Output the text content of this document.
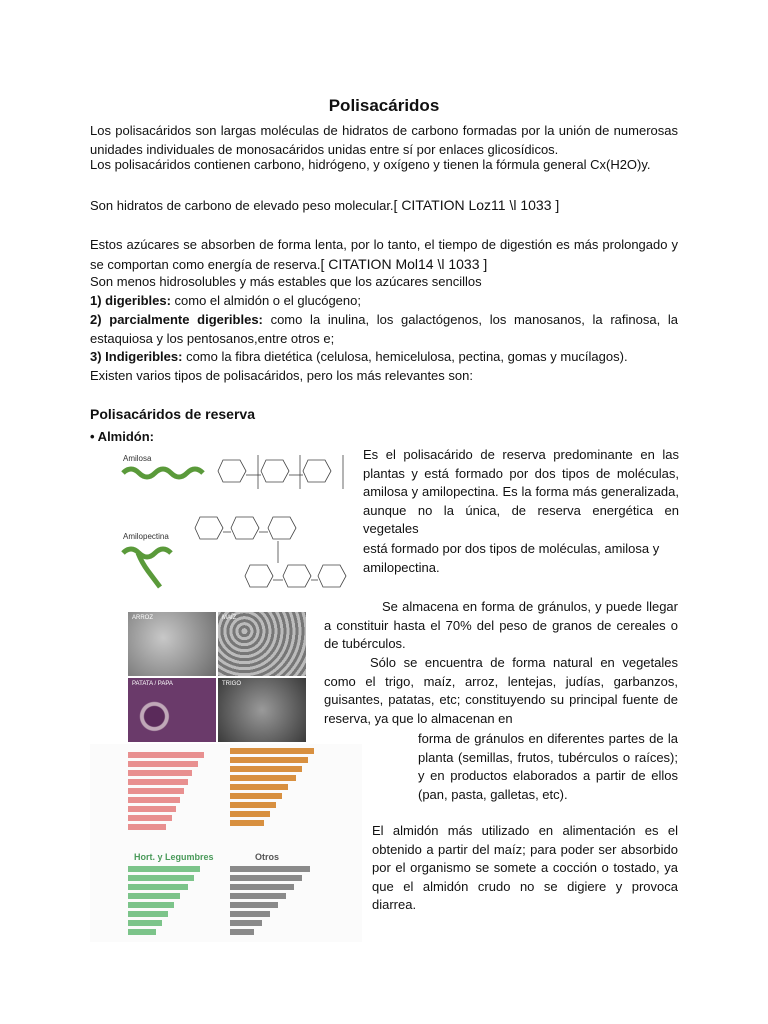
Polisacáridos
Los polisacáridos son largas moléculas de hidratos de carbono formadas por la unión de numerosas unidades individuales de monosacáridos unidas entre sí por enlaces glicosídicos.
Los polisacáridos contienen carbono, hidrógeno, y oxígeno y tienen la fórmula general Cx(H2O)y.
Son hidratos de carbono de elevado peso molecular.[ CITATION Loz11 \l 1033 ]
Estos azúcares se absorben de forma lenta, por lo tanto, el tiempo de digestión es más prolongado y se comportan como energía de reserva.[ CITATION Mol14 \l 1033 ]
Son menos hidrosolubles y más estables que los azúcares sencillos
1) digeribles: como el almidón o el glucógeno;
2) parcialmente digeribles: como la inulina, los galactógenos, los manosanos, la rafinosa, la estaquiosa y los pentosanos,entre otros e;
3) Indigeribles: como la fibra dietética (celulosa, hemicelulosa, pectina, gomas y mucílagos).
Existen varios tipos de polisacáridos, pero los más relevantes son:
Polisacáridos de reserva
• Almidón:
Amilosa
Amilopectina
ARROZ	MAÍZ
PATATA / PAPA	TRIGO
Hort. y Legumbres	Otros
Es el polisacárido de reserva predominante en las plantas y está formado por dos tipos de moléculas, amilosa y amilopectina. Es la forma más generalizada, aunque no la única, de reserva energética en vegetales
está formado por dos tipos de moléculas, amilosa y amilopectina.
Se almacena en forma de gránulos, y puede llegar a constituir hasta el 70% del peso de granos de cereales o de tubérculos.
Sólo se encuentra de forma natural en vegetales como el trigo, maíz, arroz, lentejas, judías, garbanzos, guisantes, patatas, etc; constituyendo su principal fuente de reserva, ya que lo almacenan en
forma de gránulos en diferentes partes de la planta (semillas, frutos, tubérculos o raíces); y en productos elaborados a partir de ellos (pan, pasta, galletas, etc).
El almidón más utilizado en alimentación es el obtenido a partir del maíz; para poder ser absorbido por el organismo se somete a cocción o tostado, ya que el almidón crudo no se digiere y provoca diarrea.
